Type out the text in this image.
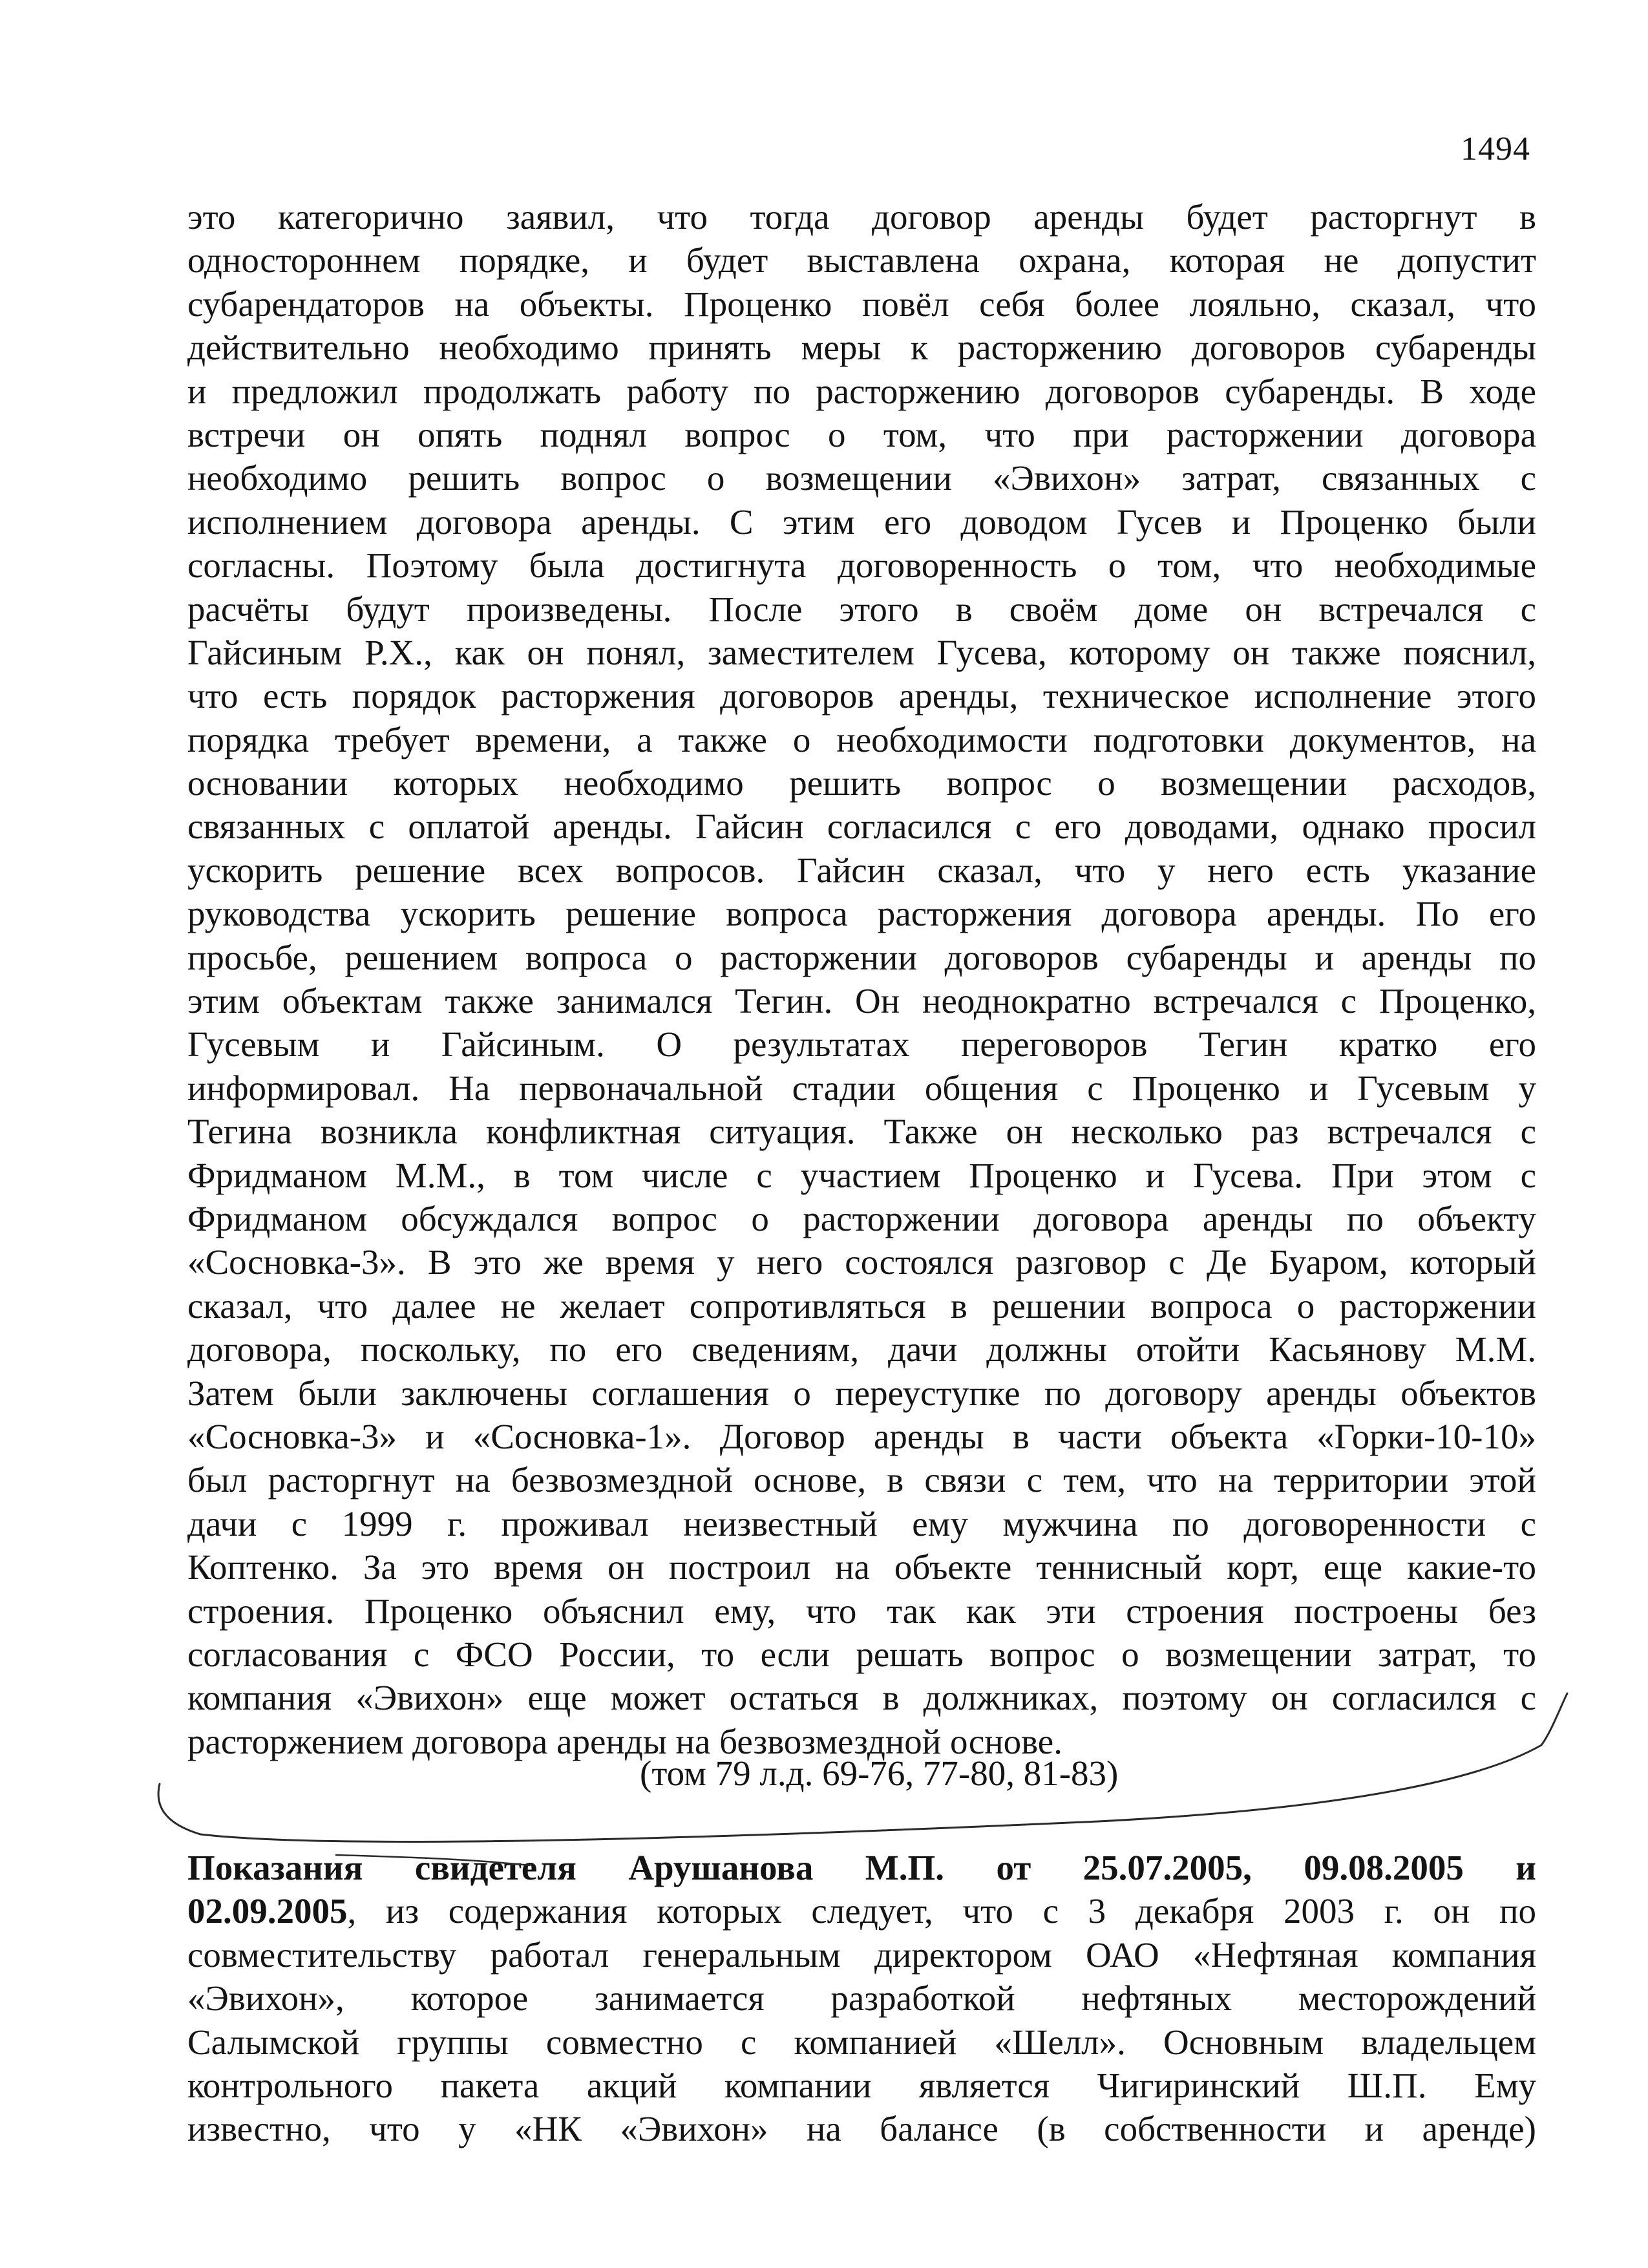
1494
это категорично заявил, что тогда договор аренды будет расторгнут в
одностороннем порядке, и будет выставлена охрана, которая не допустит
субарендаторов на объекты. Проценко повёл себя более лояльно, сказал, что
действительно необходимо принять меры к расторжению договоров субаренды
и предложил продолжать работу по расторжению договоров субаренды. В ходе
встречи он опять поднял вопрос о том, что при расторжении договора
необходимо решить вопрос о возмещении «Эвихон» затрат, связанных с
исполнением договора аренды. С этим его доводом Гусев и Проценко были
согласны. Поэтому была достигнута договоренность о том, что необходимые
расчёты будут произведены. После этого в своём доме он встречался с
Гайсиным Р.Х., как он понял, заместителем Гусева, которому он также пояснил,
что есть порядок расторжения договоров аренды, техническое исполнение этого
порядка требует времени, а также о необходимости подготовки документов, на
основании которых необходимо решить вопрос о возмещении расходов,
связанных с оплатой аренды. Гайсин согласился с его доводами, однако просил
ускорить решение всех вопросов. Гайсин сказал, что у него есть указание
руководства ускорить решение вопроса расторжения договора аренды. По его
просьбе, решением вопроса о расторжении договоров субаренды и аренды по
этим объектам также занимался Тегин. Он неоднократно встречался с Проценко,
Гусевым и Гайсиным. О результатах переговоров Тегин кратко его
информировал. На первоначальной стадии общения с Проценко и Гусевым у
Тегина возникла конфликтная ситуация. Также он несколько раз встречался с
Фридманом М.М., в том числе с участием Проценко и Гусева. При этом с
Фридманом обсуждался вопрос о расторжении договора аренды по объекту
«Сосновка-3». В это же время у него состоялся разговор с Де Буаром, который
сказал, что далее не желает сопротивляться в решении вопроса о расторжении
договора, поскольку, по его сведениям, дачи должны отойти Касьянову М.М.
Затем были заключены соглашения о переуступке по договору аренды объектов
«Сосновка-3» и «Сосновка-1». Договор аренды в части объекта «Горки-10-10»
был расторгнут на безвозмездной основе, в связи с тем, что на территории этой
дачи с 1999 г. проживал неизвестный ему мужчина по договоренности с
Коптенко. За это время он построил на объекте теннисный корт, еще какие-то
строения. Проценко объяснил ему, что так как эти строения построены без
согласования с ФСО России, то если решать вопрос о возмещении затрат, то
компания «Эвихон» еще может остаться в должниках, поэтому он согласился с
расторжением договора аренды на безвозмездной основе.
(том 79 л.д. 69-76, 77-80, 81-83)
Показания свидетеля Арушанова М.П. от 25.07.2005, 09.08.2005 и
02.09.2005, из содержания которых следует, что с 3 декабря 2003 г. он по
совместительству работал генеральным директором ОАО «Нефтяная компания
«Эвихон», которое занимается разработкой нефтяных месторождений
Салымской группы совместно с компанией «Шелл». Основным владельцем
контрольного пакета акций компании является Чигиринский Ш.П. Ему
известно, что у «НК «Эвихон» на балансе (в собственности и аренде)
